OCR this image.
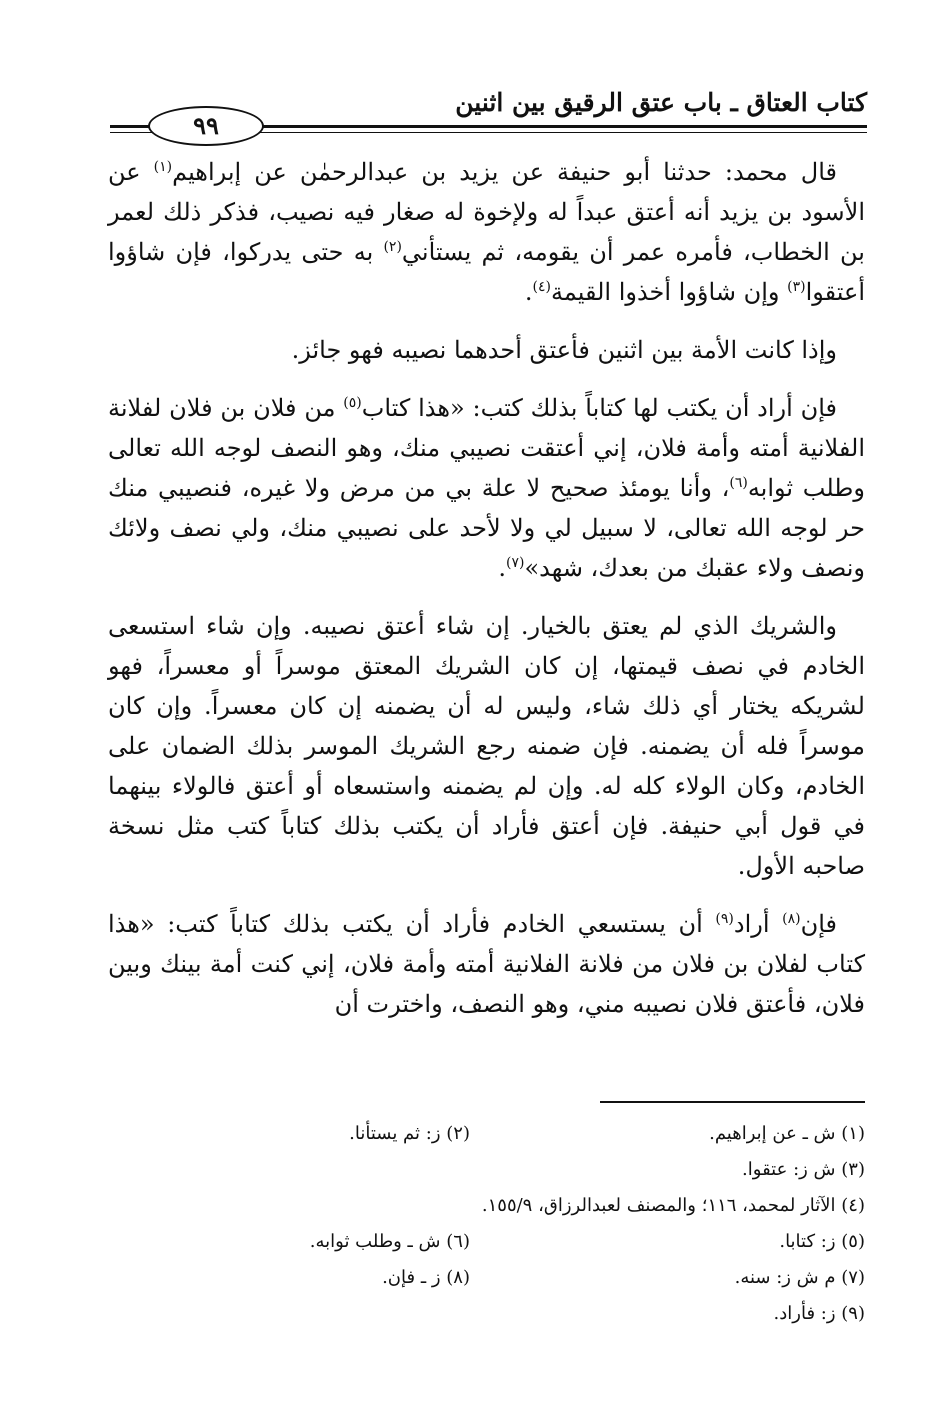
كتاب العتاق ـ باب عتق الرقيق بين اثنين
٩٩

قال محمد: حدثنا أبو حنيفة عن يزيد بن عبدالرحمٰن عن إبراهيم$^{(١)}$ عن الأسود بن يزيد أنه أعتق عبداً له ولإخوة له صغار فيه نصيب، فذكر ذلك لعمر بن الخطاب، فأمره عمر أن يقومه، ثم يستأني$^{(٢)}$ به حتى يدركوا، فإن شاؤوا أعتقوا$^{(٣)}$ وإن شاؤوا أخذوا القيمة$^{(٤)}$.

وإذا كانت الأمة بين اثنين فأعتق أحدهما نصيبه فهو جائز.

فإن أراد أن يكتب لها كتاباً بذلك كتب: «هذا كتاب$^{(٥)}$ من فلان بن فلان لفلانة الفلانية أمته وأمة فلان، إني أعتقت نصيبي منك، وهو النصف لوجه الله تعالى وطلب ثوابه$^{(٦)}$، وأنا يومئذ صحيح لا علة بي من مرض ولا غيره، فنصيبي منك حر لوجه الله تعالى، لا سبيل لي ولا لأحد على نصيبي منك، ولي نصف ولائك ونصف ولاء عقبك من بعدك، شهد»$^{(٧)}$.

والشريك الذي لم يعتق بالخيار. إن شاء أعتق نصيبه. وإن شاء استسعى الخادم في نصف قيمتها، إن كان الشريك المعتق موسراً أو معسراً، فهو لشريكه يختار أي ذلك شاء، وليس له أن يضمنه إن كان معسراً. وإن كان موسراً فله أن يضمنه. فإن ضمنه رجع الشريك الموسر بذلك الضمان على الخادم، وكان الولاء كله له. وإن لم يضمنه واستسعاه أو أعتق فالولاء بينهما في قول أبي حنيفة. فإن أعتق فأراد أن يكتب بذلك كتاباً كتب مثل نسخة صاحبه الأول.

فإن$^{(٨)}$ أراد$^{(٩)}$ أن يستسعي الخادم فأراد أن يكتب بذلك كتاباً كتب: «هذا كتاب لفلان بن فلان من فلانة الفلانية أمته وأمة فلان، إني كنت أمة بينك وبين فلان، فأعتق فلان نصيبه مني، وهو النصف، واخترت أن

(١) ش ـ عن إبراهيم.
(٢) ز: ثم يستأنا.
(٣) ش ز: عتقوا.
(٤) الآثار لمحمد، ١١٦؛ والمصنف لعبدالرزاق، ١٥٥/٩.
(٥) ز: كتابا.
(٦) ش ـ وطلب ثوابه.
(٧) م ش ز: سنه.
(٨) ز ـ فإن.
(٩) ز: فأراد.
